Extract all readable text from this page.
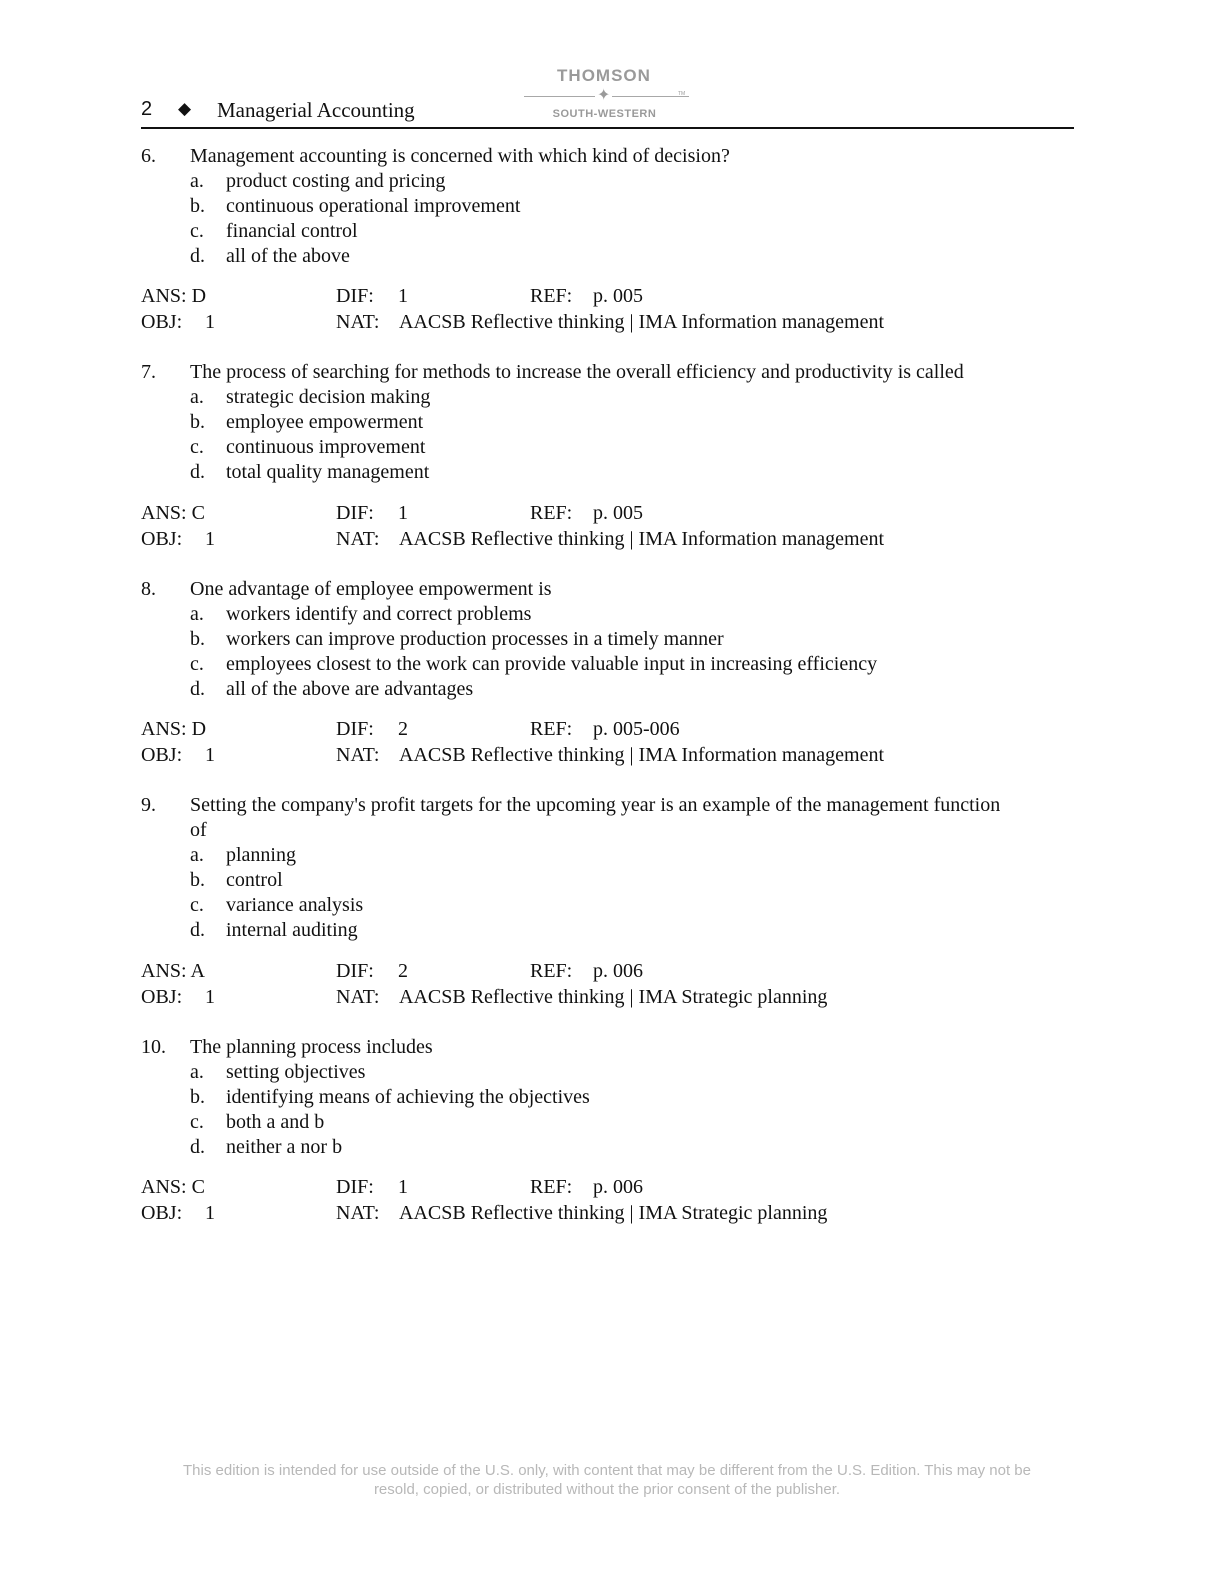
2 ◆ Managerial Accounting
THOMSON
✦	TM
SOUTH-WESTERN
6. Management accounting is concerned with which kind of decision?
a.	product costing and pricing
b.	continuous operational improvement
c.	financial control
d.	all of the above
ANS: D	DIF: 1	REF: p. 005
OBJ: 1	NAT: AACSB Reflective thinking | IMA Information management
7. The process of searching for methods to increase the overall efficiency and productivity is called
a.	strategic decision making
b.	employee empowerment
c.	continuous improvement
d.	total quality management
ANS: C	DIF: 1	REF: p. 005
OBJ: 1	NAT: AACSB Reflective thinking | IMA Information management
8. One advantage of employee empowerment is
a.	workers identify and correct problems
b.	workers can improve production processes in a timely manner
c.	employees closest to the work can provide valuable input in increasing efficiency
d.	all of the above are advantages
ANS: D	DIF: 2	REF: p. 005-006
OBJ: 1	NAT: AACSB Reflective thinking | IMA Information management
9. Setting the company's profit targets for the upcoming year is an example of the management function of
a.	planning
b.	control
c.	variance analysis
d.	internal auditing
ANS: A	DIF: 2	REF: p. 006
OBJ: 1	NAT: AACSB Reflective thinking | IMA Strategic planning
10. The planning process includes
a.	setting objectives
b.	identifying means of achieving the objectives
c.	both a and b
d.	neither a nor b
ANS: C	DIF: 1	REF: p. 006
OBJ: 1	NAT: AACSB Reflective thinking | IMA Strategic planning
This edition is intended for use outside of the U.S. only, with content that may be different from the U.S. Edition. This may not be
resold, copied, or distributed without the prior consent of the publisher.
